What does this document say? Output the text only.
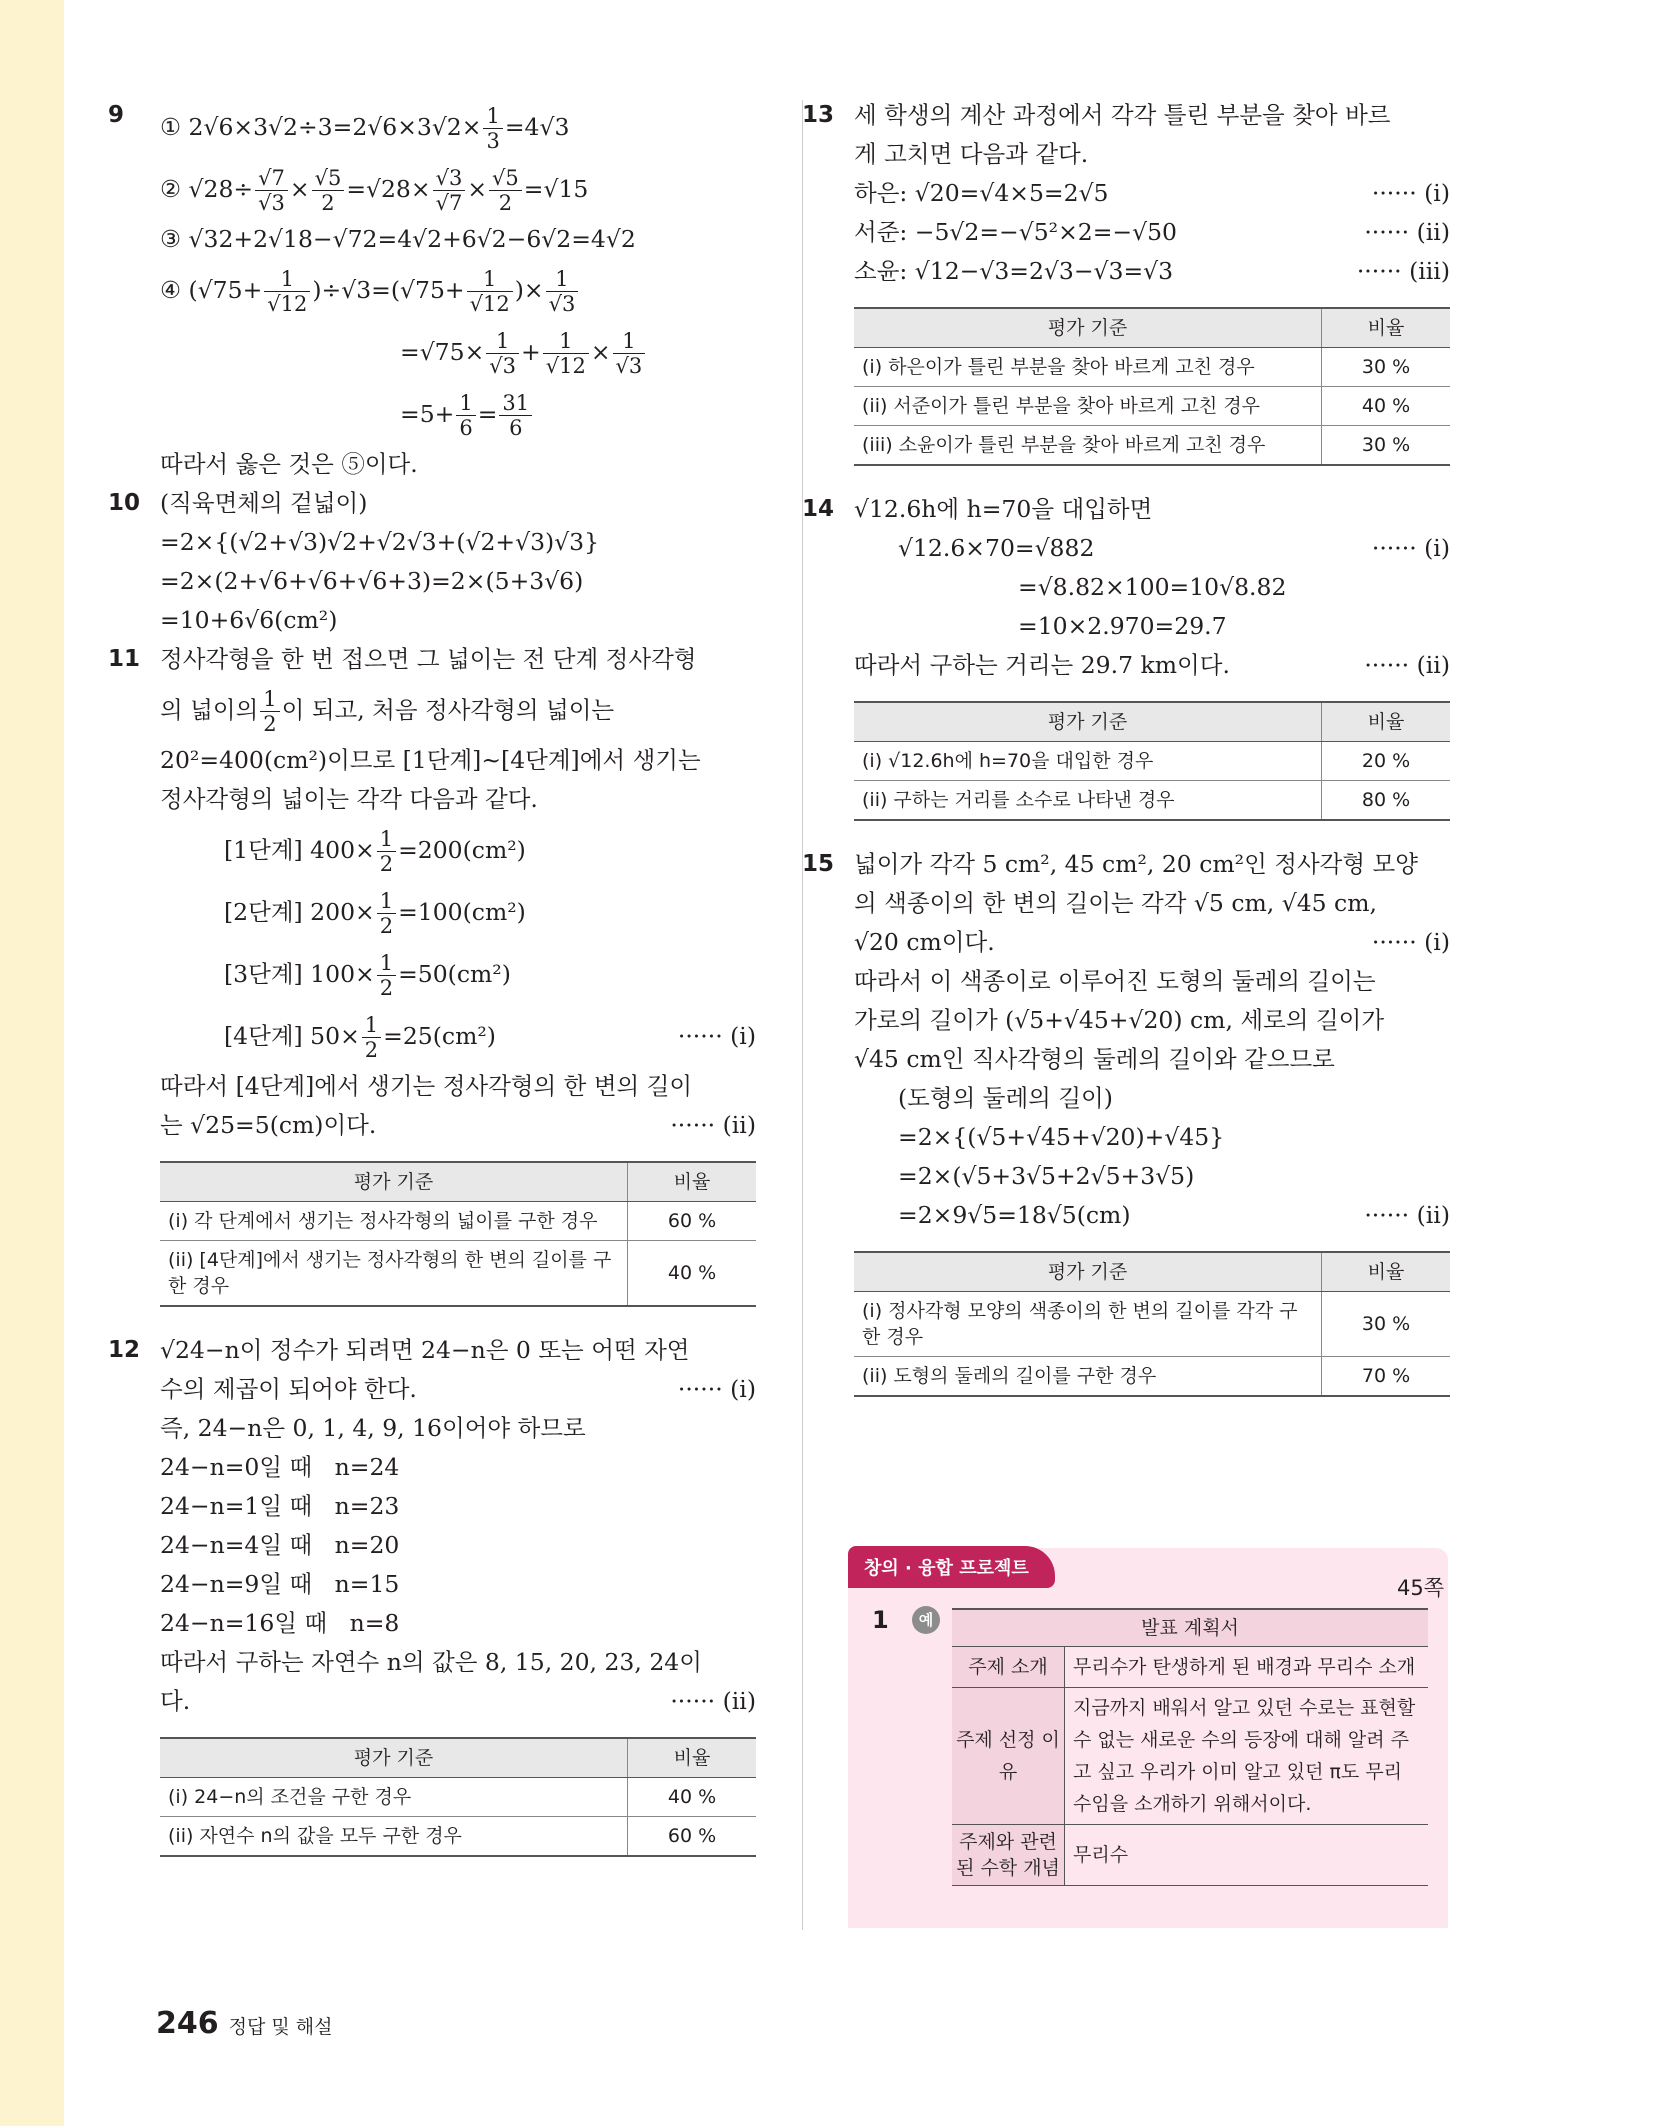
9 ① $2√6\times 3√2\div 3=2√6\times 3√2\times \frac{1}{3} =4√3$
② $√28\div \frac{√7}{√3} \times \frac{√5}{2} =√28\times \frac{√3}{√7} \times \frac{√5}{2} =√15$
③ √32+2√18−√72=4√2+6√2−6√2=4√2
④ $(√75+ \frac{1}{√12} )\div√3=(√75+ \frac{1}{√12}$ )× $\frac{1}{√3}$
$=√75\times \frac{1}{√3} + \frac{1}{√12} \times \frac{1}{√3}$
$=5+ \frac{1}{6} = \frac{31}{6}$
따라서 옳은 것은 ⑤이다.
10 (직육면체의 겉넓이)
=2×{(√2+√3)√2+√2√3+(√2+√3)√3}
=2×(2+√6+√6+√6+3)=2×(5+3√6)
=10+6√6(cm²)
11 정사각형을 한 번 접으면 그 넓이는 전 단계 정사각형
의 넓이의 $\frac{1}{2}$ 이 되고, 처음 정사각형의 넓이는
20²=400(cm²)이므로 [1단계]~[4단계]에서 생기는
정사각형의 넓이는 각각 다음과 같다.
[1단계] $400\times \frac{1}{2} =200(cm^2)$
[2단계] $200\times \frac{1}{2} =100(cm^2)$
[3단계] $100\times \frac{1}{2} =50(cm^2)$
[4단계] $50\times \frac{1}{2} =25(cm^2)$	······ (i)
따라서 [4단계]에서 생기는 정사각형의 한 변의 길이
는 √25=5(cm)이다.	······ (ii)
평가 기준	비율
(i) 각 단계에서 생기는 정사각형의 넓이를 구한 경우	60 %
(ii) [4단계]에서 생기는 정사각형의 한 변의 길이를 구한 경우	40 %
12 √24−n이 정수가 되려면 24−n은 0 또는 어떤 자연
수의 제곱이 되어야 한다.	······ (i)
즉, 24−n은 0, 1, 4, 9, 16이어야 하므로
24−n=0일 때   n=24
24−n=1일 때   n=23
24−n=4일 때   n=20
24−n=9일 때   n=15
24−n=16일 때   n=8
따라서 구하는 자연수 n의 값은 8, 15, 20, 23, 24이
다.	······ (ii)
평가 기준	비율
(i) 24−n의 조건을 구한 경우	40 %
(ii) 자연수 n의 값을 모두 구한 경우	60 %
13 세 학생의 계산 과정에서 각각 틀린 부분을 찾아 바르
게 고치면 다음과 같다.
하은: √20=√4×5=2√5	······ (i)
서준: −5√2=−√5²×2=−√50	······ (ii)
소윤: √12−√3=2√3−√3=√3	······ (iii)
평가 기준	비율
(i) 하은이가 틀린 부분을 찾아 바르게 고친 경우	30 %
(ii) 서준이가 틀린 부분을 찾아 바르게 고친 경우	40 %
(iii) 소윤이가 틀린 부분을 찾아 바르게 고친 경우	30 %
14 √12.6h에 h=70을 대입하면
√12.6×70=√882	······ (i)
=√8.82×100=10√8.82
=10×2.970=29.7
따라서 구하는 거리는 29.7 km이다.	······ (ii)
평가 기준	비율
(i) √12.6h에 h=70을 대입한 경우	20 %
(ii) 구하는 거리를 소수로 나타낸 경우	80 %
15 넓이가 각각 5 cm², 45 cm², 20 cm²인 정사각형 모양
의 색종이의 한 변의 길이는 각각 √5 cm, √45 cm,
√20 cm이다.	······ (i)
따라서 이 색종이로 이루어진 도형의 둘레의 길이는
가로의 길이가 (√5+√45+√20) cm, 세로의 길이가
√45 cm인 직사각형의 둘레의 길이와 같으므로
(도형의 둘레의 길이)
=2×{(√5+√45+√20)+√45}
=2×(√5+3√5+2√5+3√5)
=2×9√5=18√5(cm)	······ (ii)
평가 기준	비율
(i) 정사각형 모양의 색종이의 한 변의 길이를 각각 구한 경우	30 %
(ii) 도형의 둘레의 길이를 구한 경우	70 %
창의 · 융합 프로젝트
45쪽
1	예	발표 계획서	
주제 소개	무리수가 탄생하게 된 배경과 무리수 소개
주제 선정 이유	지금까지 배워서 알고 있던 수로는 표현할 수 없는 새로운 수의 등장에 대해 알려 주고 싶고 우리가 이미 알고 있던 π도 무리수임을 소개하기 위해서이다.
주제와 관련된 수학 개념	무리수
246 정답 및 해설
